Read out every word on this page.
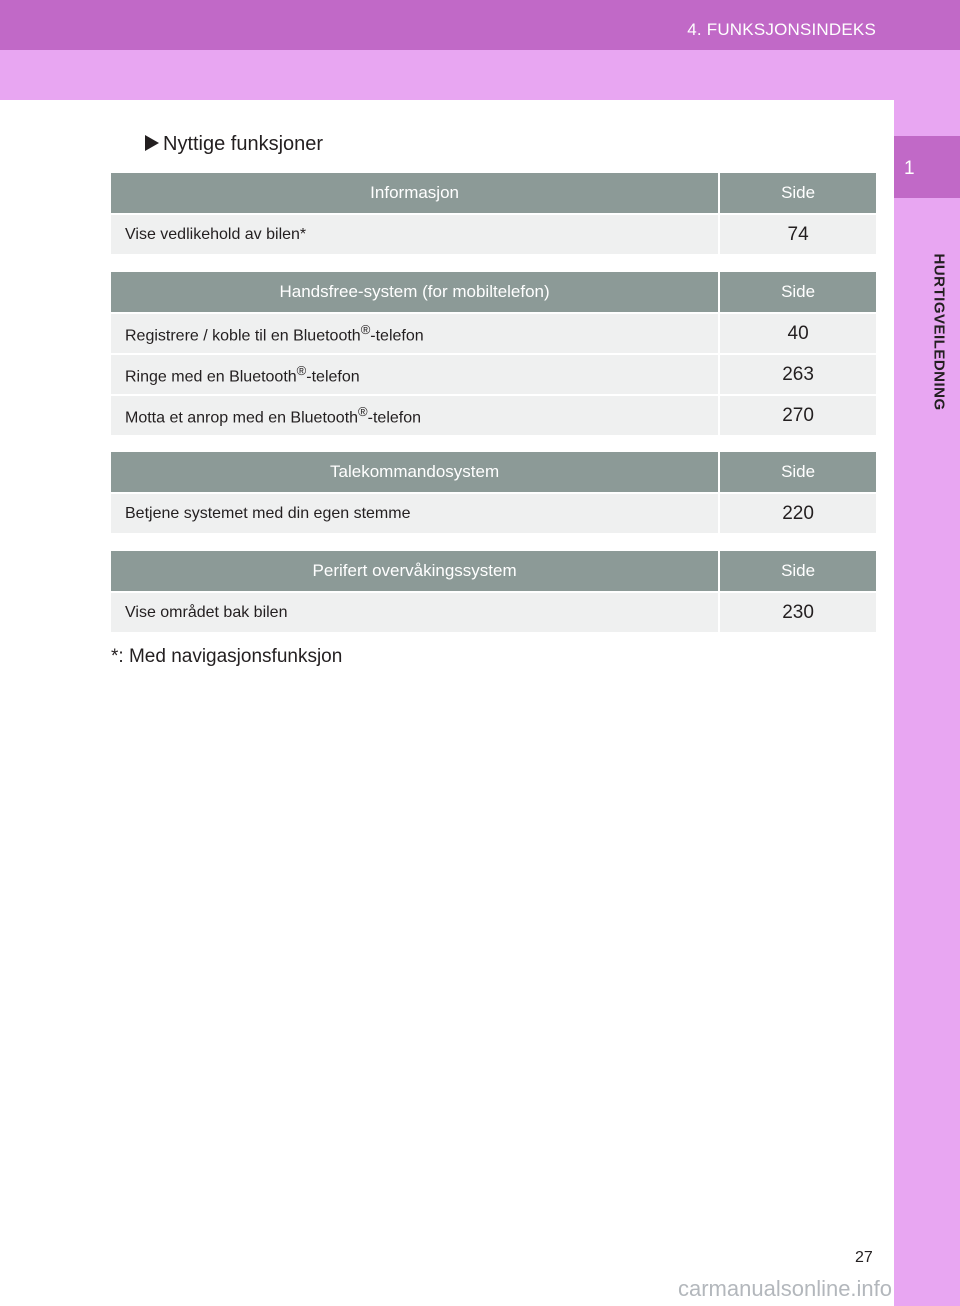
4. FUNKSJONSINDEKS
1
HURTIGVEILEDNING
Nyttige funksjoner
Informasjon	Side
Vise vedlikehold av bilen*	74
Handsfree-system (for mobiltelefon)	Side
Registrere / koble til en Bluetooth®-telefon	40
Ringe med en Bluetooth®-telefon	263
Motta et anrop med en Bluetooth®-telefon	270
Talekommandosystem	Side
Betjene systemet med din egen stemme	220
Perifert overvåkingssystem	Side
Vise området bak bilen	230
*: Med navigasjonsfunksjon
27
carmanualsonline.info
